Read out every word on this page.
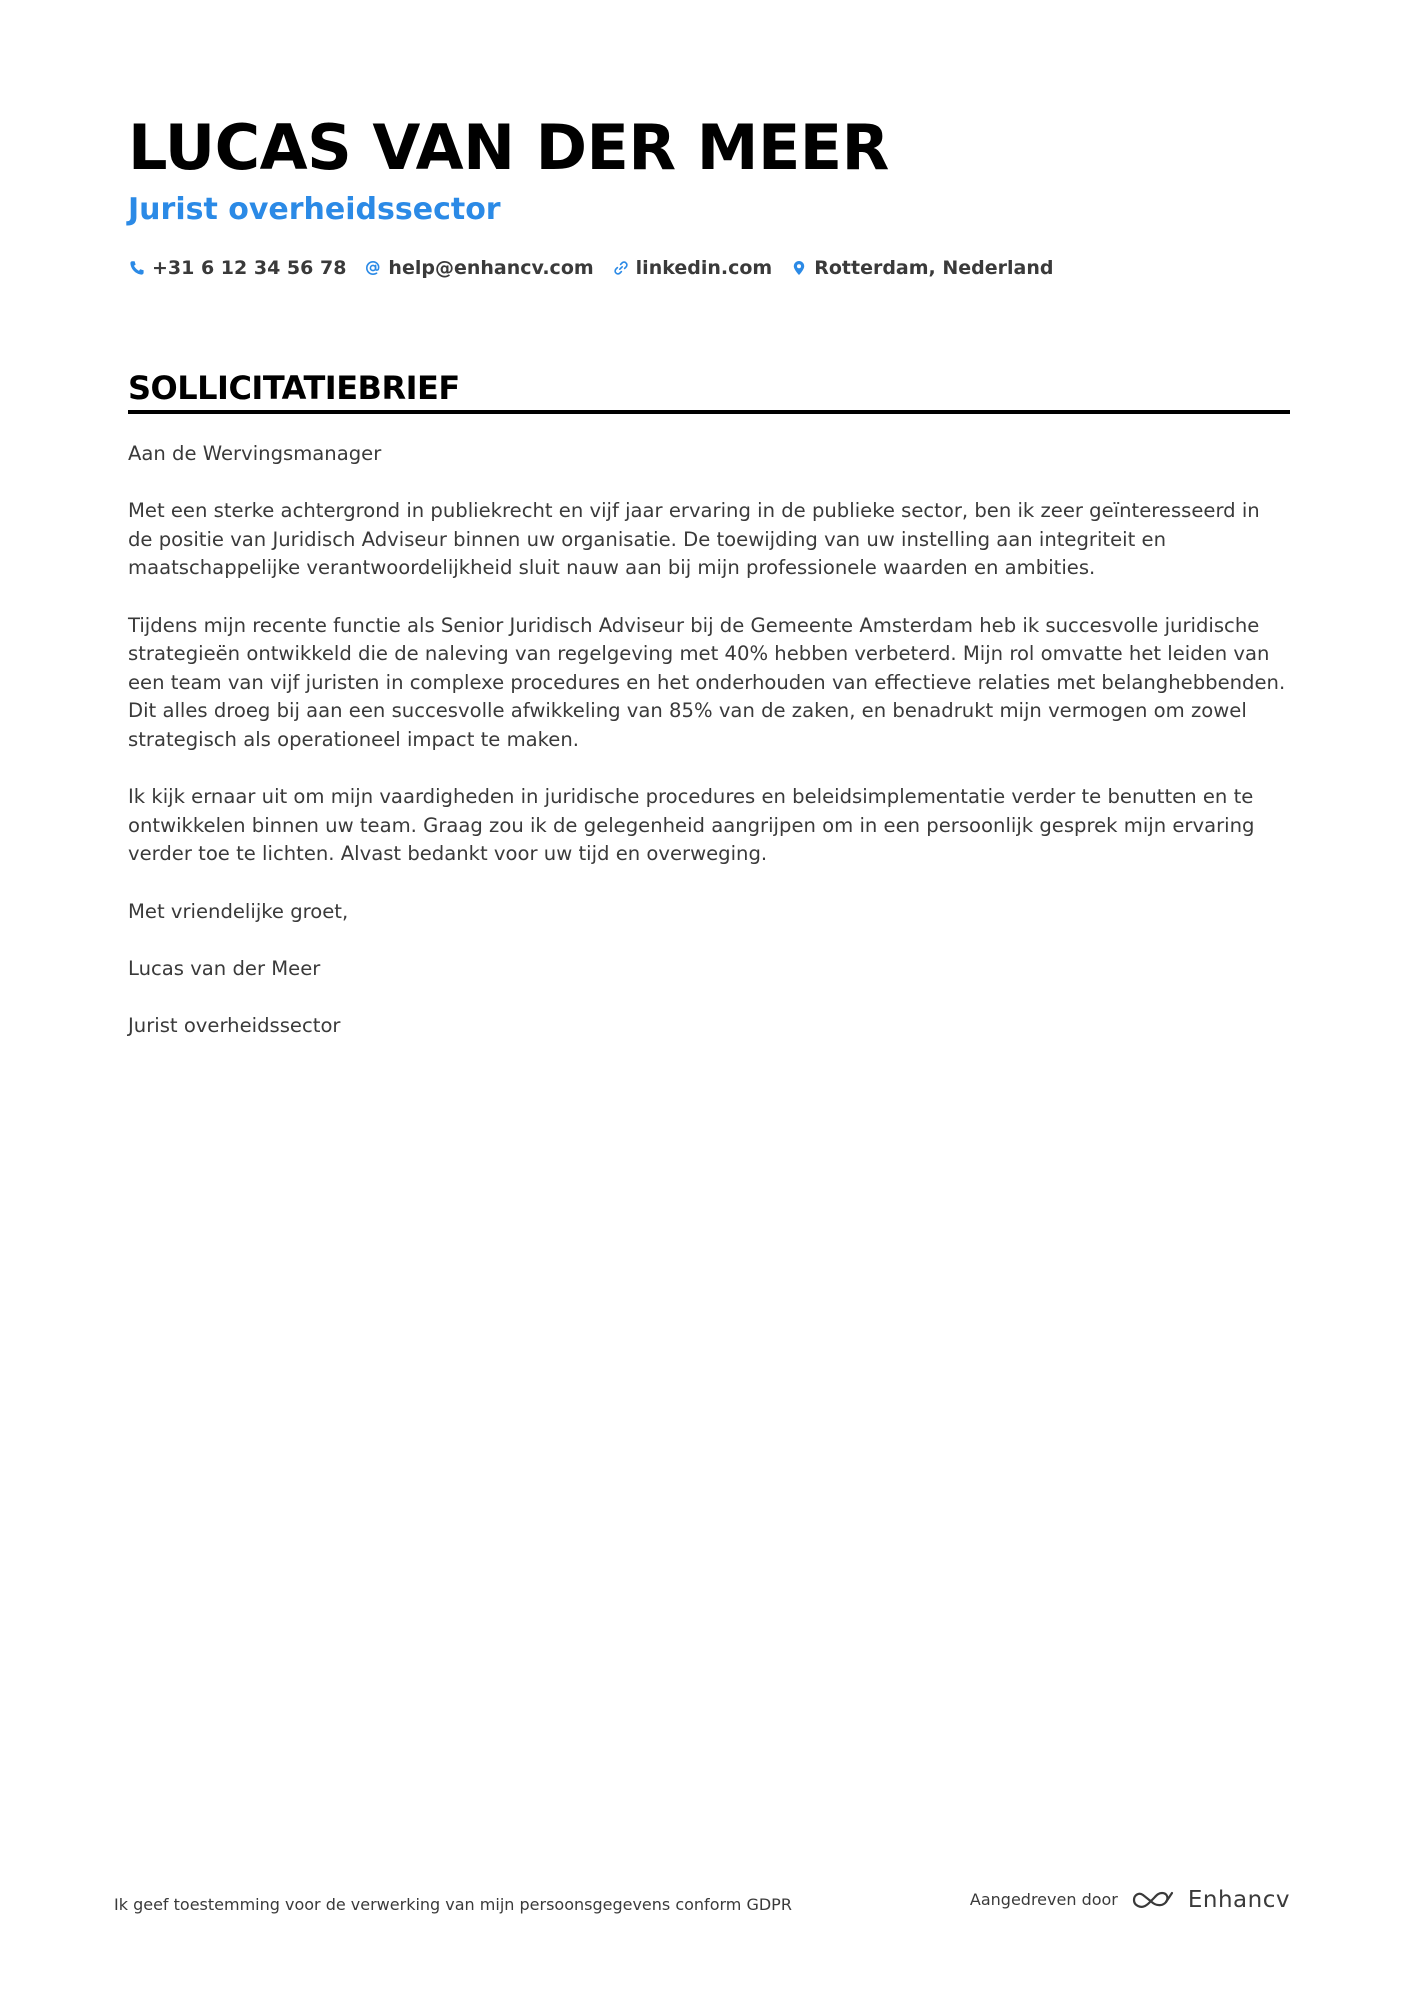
LUCAS VAN DER MEER
Jurist overheidssector
+31 6 12 34 56 78 help@enhancv.com linkedin.com Rotterdam, Nederland
SOLLICITATIEBRIEF

Aan de Wervingsmanager

Met een sterke achtergrond in publiekrecht en vijf jaar ervaring in de publieke sector, ben ik zeer geïnteresseerd in de positie van Juridisch Adviseur binnen uw organisatie. De toewijding van uw instelling aan integriteit en maatschappelijke verantwoordelijkheid sluit nauw aan bij mijn professionele waarden en ambities.

Tijdens mijn recente functie als Senior Juridisch Adviseur bij de Gemeente Amsterdam heb ik succesvolle juridische strategieën ontwikkeld die de naleving van regelgeving met 40% hebben verbeterd. Mijn rol omvatte het leiden van een team van vijf juristen in complexe procedures en het onderhouden van effectieve relaties met belanghebbenden. Dit alles droeg bij aan een succesvolle afwikkeling van 85% van de zaken, en benadrukt mijn vermogen om zowel strategisch als operationeel impact te maken.

Ik kijk ernaar uit om mijn vaardigheden in juridische procedures en beleidsimplementatie verder te benutten en te ontwikkelen binnen uw team. Graag zou ik de gelegenheid aangrijpen om in een persoonlijk gesprek mijn ervaring verder toe te lichten. Alvast bedankt voor uw tijd en overweging.

Met vriendelijke groet,

Lucas van der Meer

Jurist overheidssector

Ik geef toestemming voor de verwerking van mijn persoonsgegevens conform GDPR	Aangedreven door	Enhancv
